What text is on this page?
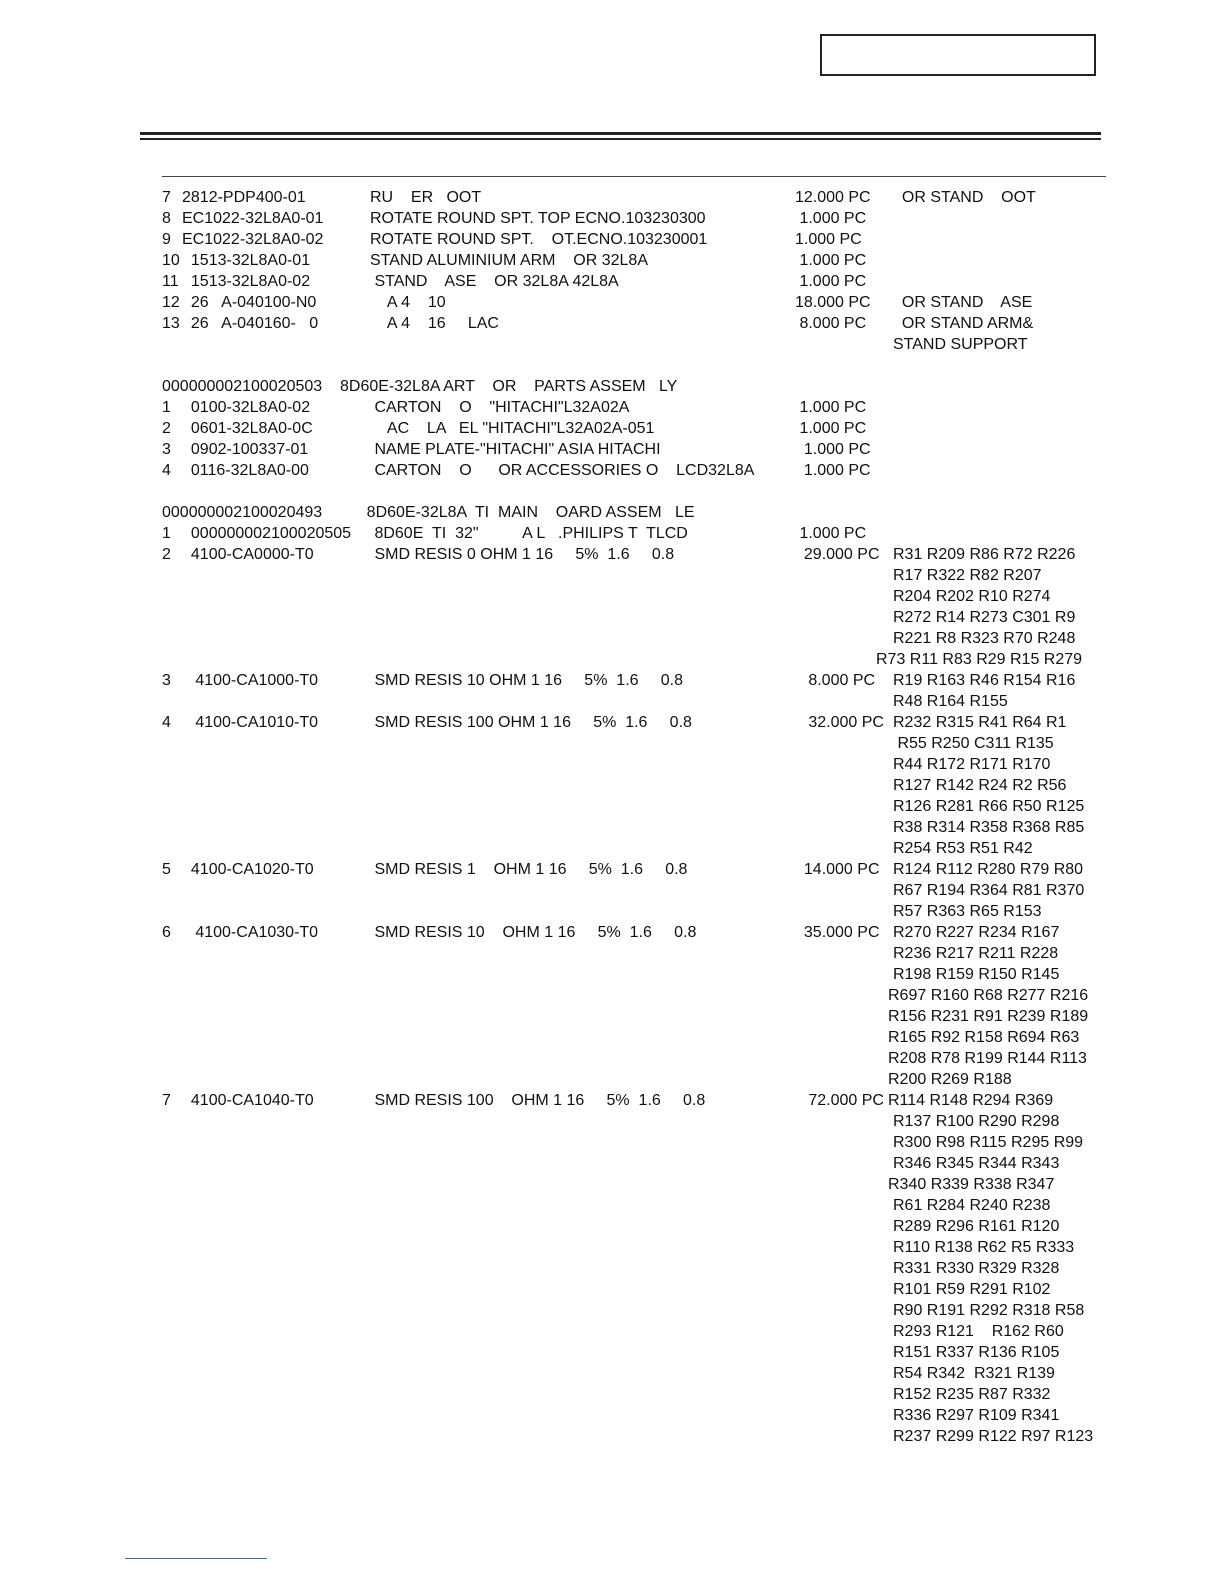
7 2812-PDP400-01	RU    ER   OOT	12.000 PC OR STAND    OOT
8 EC1022-32L8A0-01	ROTATE ROUND SPT. TOP ECNO.103230300	1.000 PC
9 EC1022-32L8A0-02	ROTATE ROUND SPT.    OT.ECNO.103230001	1.000 PC
10 1513-32L8A0-01	STAND ALUMINIUM ARM    OR 32L8A	1.000 PC
11 1513-32L8A0-02	STAND    ASE    OR 32L8A 42L8A	1.000 PC
12 26   A-040100-N0	A 4    10	18.000 PC OR STAND    ASE
13 26   A-040160-   0	A 4    16     LAC	8.000 PC OR STAND ARM&
STAND SUPPORT
000000002100020503 8D60E-32L8A ART    OR    PARTS ASSEM   LY
1 0100-32L8A0-02	CARTON    O    "HITACHI"L32A02A	1.000 PC
2 0601-32L8A0-0C	AC    LA   EL "HITACHI"L32A02A-051	1.000 PC
3 0902-100337-01	NAME PLATE-"HITACHI" ASIA HITACHI	1.000 PC
4 0116-32L8A0-00	CARTON    O      OR ACCESSORIES O    LCD32L8A	1.000 PC
000000002100020493 8D60E-32L8A  TI  MAIN    OARD ASSEM   LE
1 000000002100020505 8D60E  TI  32"          A L   .PHILIPS T  TLCD	1.000 PC
2 4100-CA0000-T0	SMD RESIS 0 OHM 1 16     5%  1.6     0.8	29.000 PC R31 R209 R86 R72 R226
R17 R322 R82 R207
R204 R202 R10 R274
R272 R14 R273 C301 R9
R221 R8 R323 R70 R248
R73 R11 R83 R29 R15 R279
3 4100-CA1000-T0	SMD RESIS 10 OHM 1 16     5%  1.6     0.8	8.000 PC R19 R163 R46 R154 R16
R48 R164 R155
4 4100-CA1010-T0	SMD RESIS 100 OHM 1 16     5%  1.6     0.8	32.000 PC R232 R315 R41 R64 R1
R55 R250 C311 R135
R44 R172 R171 R170
R127 R142 R24 R2 R56
R126 R281 R66 R50 R125
R38 R314 R358 R368 R85
R254 R53 R51 R42
5 4100-CA1020-T0	SMD RESIS 1    OHM 1 16     5%  1.6     0.8	14.000 PC R124 R112 R280 R79 R80
R67 R194 R364 R81 R370
R57 R363 R65 R153
6 4100-CA1030-T0	SMD RESIS 10    OHM 1 16     5%  1.6     0.8	35.000 PC R270 R227 R234 R167
R236 R217 R211 R228
R198 R159 R150 R145
R697 R160 R68 R277 R216
R156 R231 R91 R239 R189
R165 R92 R158 R694 R63
R208 R78 R199 R144 R113
R200 R269 R188
7 4100-CA1040-T0	SMD RESIS 100    OHM 1 16     5%  1.6     0.8	72.000 PC R114 R148 R294 R369
R137 R100 R290 R298
R300 R98 R115 R295 R99
R346 R345 R344 R343
R340 R339 R338 R347
R61 R284 R240 R238
R289 R296 R161 R120
R110 R138 R62 R5 R333
R331 R330 R329 R328
R101 R59 R291 R102
R90 R191 R292 R318 R58
R293 R121    R162 R60
R151 R337 R136 R105
R54 R342  R321 R139
R152 R235 R87 R332
R336 R297 R109 R341
R237 R299 R122 R97 R123
